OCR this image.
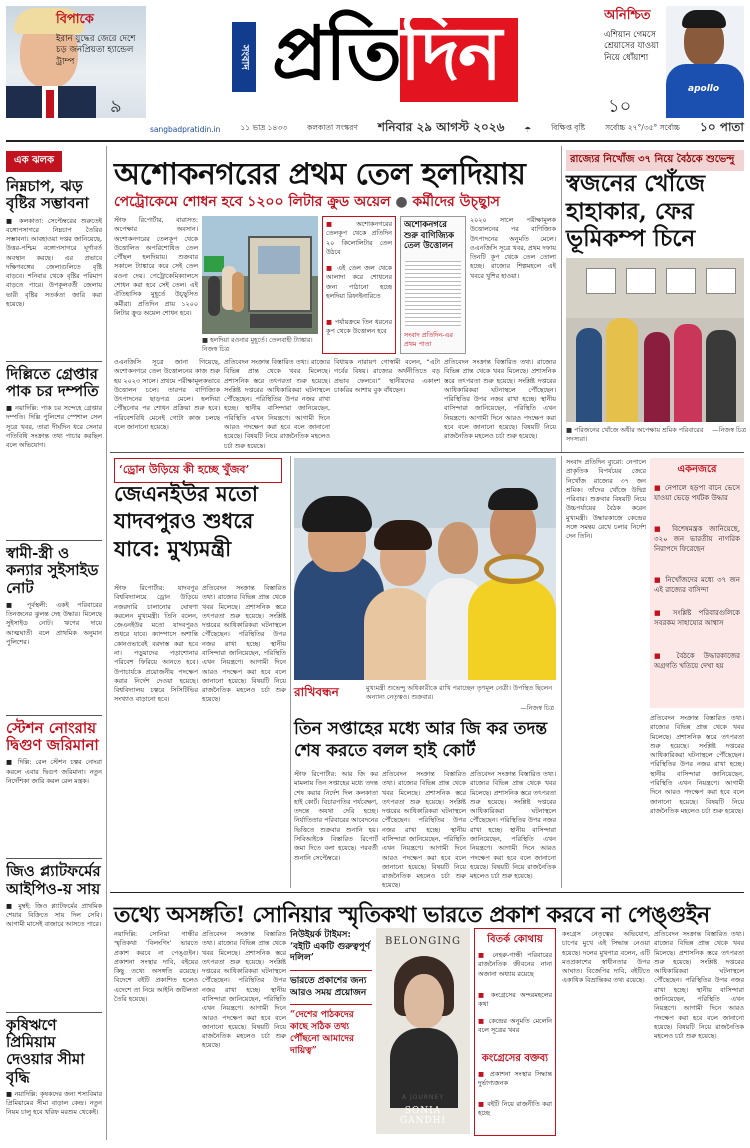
বিপাকে
ইরান যুদ্ধের জেরে দেশে চড় জনপ্রিয়তা হ্যান্ডেল ট্রাম্প
৯
সংবাদ প্রতিদিন	অনিশ্চিত
এশিয়ান গেমসে শ্রেয়াসের যাওয়া নিয়ে ধোঁয়াশা
১০
apollo
sangbadpratidin.in	১১ ভাদ্র ১৪৩৩	কলকাতা সংস্করণ শনিবার ২৯ আগস্ট ২০২৬	☂	বিক্ষিপ্ত বৃষ্টি	সর্বোচ্চ ২৭°/৩৫° সর্বোচ্চ ১০ পাতা
এক ঝলক
নিম্নচাপ, ঝড় বৃষ্টির সম্ভাবনা
■ কলকাতা: সেপ্টেম্বরের শুরুতেই বঙ্গোপসাগরে নিম্নচাপ তৈরির সম্ভাবনা। আবহাওয়া দপ্তর জানিয়েছে, উত্তর-পশ্চিম বঙ্গোপসাগরে ঘূর্ণাবর্ত অবস্থান করছে। এর প্রভাবে দক্ষিণবঙ্গের জেলাগুলিতে বৃষ্টি বাড়বে। শনিবার থেকে বৃষ্টির পরিমাণ বাড়তে পারে। উপকূলবর্তী জেলায় ভারী বৃষ্টির সতর্কতা জারি করা হয়েছে।
দিল্লিতে গ্রেপ্তার পাক চর দম্পতি
■ নয়াদিল্লি: পাক চর সন্দেহে গ্রেপ্তার দম্পতি। দিল্লি পুলিশের স্পেশাল সেল সূত্রে খবর, তারা দীর্ঘদিন ধরে সেনার গতিবিধি সংক্রান্ত তথ্য পাচার করছিল বলে অভিযোগ।
স্বামী-স্ত্রী ও কন্যার সুইসাইড নোট
■ পূর্বস্থলী: একই পরিবারের তিনজনের ঝুলন্ত দেহ উদ্ধার। মিলেছে সুইসাইড নোট। ঋণের দায়ে আত্মঘাতী বলে প্রাথমিক অনুমান পুলিশের।
স্টেশন নোংরায় দ্বিগুণ জরিমানা
■ দিল্লি: রেল স্টেশন চত্বর নোংরা করলে এবার দ্বিগুণ জরিমানা। নতুন নির্দেশিকা জারি করল রেল মন্ত্রক।
জিও প্ল্যাটফর্মের আইপিও-য় সায়
■ মুম্বই: জিও প্ল্যাটফর্মের প্রাথমিক শেয়ার বিক্রিতে সায় দিল সেবি। আগামী মাসেই বাজারে আসতে পারে।
কৃষিঋণে প্রিমিয়াম দেওয়ার সীমা বৃদ্ধি
■ নয়াদিল্লি: কৃষকদের জন্য শস্যবিমার প্রিমিয়ামের সীমা বাড়াল কেন্দ্র। নতুন নিয়ম চালু হবে খরিফ মরশুম থেকেই।
অশোকনগরের প্রথম তেল হলদিয়ায়
পেট্রোকেমে শোধন হবে ১২০০ লিটার ক্রুড অয়েল ● কর্মীদের উচ্ছ্বাস
স্টাফ রিপোর্টার, বারাসত: অপেক্ষার অবসান। অশোকনগরের তেলকূপ থেকে উত্তোলিত অপরিশোধিত তেল পৌঁছল হলদিয়ায়। শুক্রবার সকালে ট্যাঙ্কারে করে সেই তেল রওনা দেয়। পেট্রোকেমিক্যালসে শোধন করা হবে সেই তেল। এই ঐতিহাসিক মুহূর্তে উচ্ছ্বসিত কর্মীরা। প্রতিদিন প্রায় ১২০০ লিটার ক্রুড অয়েল শোধন হবে।
■ হলদিয়া রওনার মুহূর্তে। তেলবাহী ট্যাঙ্কার। নিজস্ব চিত্র
■ অশোকনগরের তেলকূপ থেকে প্রতিদিন ২০ কিলোলিটার তেল উঠবে
■ এই তেল জল থেকে আলাদা করে শোধনের জন্য পাঠানো হচ্ছে হলদিয়া রিফাইনারিতে
■ পর্যায়ক্রমে তিন ধরনের কূপ থেকে উত্তোলন হবে
অশোকনগরে শুরু বাণিজ্যিক তেল উত্তোলন
সংবাদ প্রতিদিন-এর প্রথম পাতা
২০২০ সালে পরীক্ষামূলক উত্তোলনের পর বাণিজ্যিক উৎপাদনের অনুমতি মেলে। ওএনজিসি সূত্রে খবর, প্রথম দফায় তিনটি কূপ থেকে তেল তোলা হচ্ছে। রাজ্যের শিল্পমহলে এই খবরে খুশির হাওয়া।
ওএনজিসি সূত্রে জানা গিয়েছে, অশোকনগরে তেল উত্তোলনের কাজ শুরু হয় ২০২৩ সালে। প্রথমে পরীক্ষামূলকভাবে উত্তোলন চলে। তারপর বাণিজ্যিক উৎপাদনের ছাড়পত্র মেলে। হলদিয়া পৌঁছনোর পর শোধন প্রক্রিয়া শুরু হবে। পরিবেশবিধি মেনেই গোটা কাজ চলছে বলে জানানো হয়েছে।
প্রতিবেদন সংক্রান্ত বিস্তারিত তথ্য। রাজ্যের বিভিন্ন প্রান্ত থেকে খবর মিলেছে। প্রশাসনিক স্তরে তৎপরতা শুরু হয়েছে। সংশ্লিষ্ট দপ্তরের আধিকারিকরা ঘটনাস্থলে পৌঁছেছেন। পরিস্থিতির উপর নজর রাখা হচ্ছে। স্থানীয় বাসিন্দারা জানিয়েছেন, পরিস্থিতি এখন নিয়ন্ত্রণে। আগামী দিনে আরও পদক্ষেপ করা হবে বলে জানানো হয়েছে। বিষয়টি নিয়ে রাজনৈতিক মহলেও চর্চা শুরু হয়েছে।
বিধায়ক নারায়ণ গোস্বামী বলেন, “এটা গর্বের বিষয়। রাজ্যের অর্থনীতিতে বড় প্রভাব ফেলবে।” স্থানীয়দের একাংশ চাকরির আশায় বুক বাঁধছেন।
প্রতিবেদন সংক্রান্ত বিস্তারিত তথ্য। রাজ্যের বিভিন্ন প্রান্ত থেকে খবর মিলেছে। প্রশাসনিক স্তরে তৎপরতা শুরু হয়েছে। সংশ্লিষ্ট দপ্তরের আধিকারিকরা ঘটনাস্থলে পৌঁছেছেন। পরিস্থিতির উপর নজর রাখা হচ্ছে। স্থানীয় বাসিন্দারা জানিয়েছেন, পরিস্থিতি এখন নিয়ন্ত্রণে। আগামী দিনে আরও পদক্ষেপ করা হবে বলে জানানো হয়েছে। বিষয়টি নিয়ে রাজনৈতিক মহলেও চর্চা শুরু হয়েছে।
রাজ্যের নিখোঁজ ৩৭ নিয়ে বৈঠকে শুভেন্দু
স্বজনের খোঁজে হাহাকার, ফের ভূমিকম্প চিনে
■ পরিজনের খোঁজে অধীর অপেক্ষায় শ্রমিক পরিবারের সদস্যরা।
—নিজস্ব চিত্র
‘ড্রোন উড়িয়ে কী হচ্ছে খুঁজব’
জেএনইউর মতো যাদবপুরও শুধরে যাবে: মুখ্যমন্ত্রী
স্টাফ রিপোর্টার: যাদবপুর বিশ্ববিদ্যালয়ে ড্রোন উড়িয়ে নজরদারি চালানোর ঘোষণা করলেন মুখ্যমন্ত্রী। তিনি বলেন, জেএনইউর মতো যাদবপুরও শুধরে যাবে। ক্যাম্পাসে অশান্তি কোনওভাবেই বরদাস্ত করা হবে না। পড়ুয়াদের পড়াশোনার পরিবেশ ফিরিয়ে আনতে হবে। উপাচার্যকে প্রয়োজনীয় পদক্ষেপ করার নির্দেশ দেওয়া হয়েছে। বিশ্ববিদ্যালয় চত্বরে সিসিটিভির সংখ্যাও বাড়ানো হবে।
প্রতিবেদন সংক্রান্ত বিস্তারিত তথ্য। রাজ্যের বিভিন্ন প্রান্ত থেকে খবর মিলেছে। প্রশাসনিক স্তরে তৎপরতা শুরু হয়েছে। সংশ্লিষ্ট দপ্তরের আধিকারিকরা ঘটনাস্থলে পৌঁছেছেন। পরিস্থিতির উপর নজর রাখা হচ্ছে। স্থানীয় বাসিন্দারা জানিয়েছেন, পরিস্থিতি এখন নিয়ন্ত্রণে। আগামী দিনে আরও পদক্ষেপ করা হবে বলে জানানো হয়েছে। বিষয়টি নিয়ে রাজনৈতিক মহলেও চর্চা শুরু হয়েছে।
রাখিবন্ধন	মুখ্যমন্ত্রী শুভেন্দু অধিকারীকে রাখি পরাচ্ছেন তৃণমূল নেত্রী। উপস্থিত ছিলেন অন্যান্য নেতৃত্বও। শুক্রবার।
—নিজস্ব চিত্র
তিন সপ্তাহের মধ্যে আর জি কর তদন্ত শেষ করতে বলল হাই কোর্ট
স্টাফ রিপোর্টার: আর জি কর মামলায় তিন সপ্তাহের মধ্যে তদন্ত শেষ করার নির্দেশ দিল কলকাতা হাই কোর্ট। বিচারপতির পর্যবেক্ষণ, তদন্তে অযথা দেরি হচ্ছে। নির্যাতিতার পরিবারের আবেদনের ভিত্তিতে শুক্রবার শুনানি হয়। সিবিআইকে বিস্তারিত রিপোর্ট জমা দিতে বলা হয়েছে। পরবর্তী শুনানি সেপ্টেম্বরে।
প্রতিবেদন সংক্রান্ত বিস্তারিত তথ্য। রাজ্যের বিভিন্ন প্রান্ত থেকে খবর মিলেছে। প্রশাসনিক স্তরে তৎপরতা শুরু হয়েছে। সংশ্লিষ্ট দপ্তরের আধিকারিকরা ঘটনাস্থলে পৌঁছেছেন। পরিস্থিতির উপর নজর রাখা হচ্ছে। স্থানীয় বাসিন্দারা জানিয়েছেন, পরিস্থিতি এখন নিয়ন্ত্রণে। আগামী দিনে আরও পদক্ষেপ করা হবে বলে জানানো হয়েছে। বিষয়টি নিয়ে রাজনৈতিক মহলেও চর্চা শুরু হয়েছে।
প্রতিবেদন সংক্রান্ত বিস্তারিত তথ্য। রাজ্যের বিভিন্ন প্রান্ত থেকে খবর মিলেছে। প্রশাসনিক স্তরে তৎপরতা শুরু হয়েছে। সংশ্লিষ্ট দপ্তরের আধিকারিকরা ঘটনাস্থলে পৌঁছেছেন। পরিস্থিতির উপর নজর রাখা হচ্ছে। স্থানীয় বাসিন্দারা জানিয়েছেন, পরিস্থিতি এখন নিয়ন্ত্রণে। আগামী দিনে আরও পদক্ষেপ করা হবে বলে জানানো হয়েছে। বিষয়টি নিয়ে রাজনৈতিক মহলেও চর্চা শুরু হয়েছে।
সংবাদ প্রতিদিন ব্যুরো: নেপালে প্রাকৃতিক বিপর্যয়ের জেরে নিখোঁজ রাজ্যের ৩৭ জন শ্রমিক। তাঁদের খোঁজে উদ্বিগ্ন পরিবার। শুক্রবার বিষয়টি নিয়ে উচ্চপর্যায়ের বৈঠক করেন মুখ্যমন্ত্রী। উদ্ধারকাজে কেন্দ্রের সঙ্গে সমন্বয় রেখে চলার নির্দেশ দেন তিনি।
একনজরে
■ নেপালে হড়পা বানে ভেসে যাওয়া ভেড়ে পর্যটক উদ্ধার
■ বিশেষমন্ত্রক জানিয়েছে, ৩২০ জন ভারতীয় নাগরিক নিরাপদে ফিরেছেন
■ নিখোঁজদের মধ্যে ৩৭ জন এই রাজ্যের বাসিন্দা
■ সংশ্লিষ্ট পরিবারগুলিকে সবরকম সাহায্যের আশ্বাস
■ বৈঠকে উদ্ধারকাজের অগ্রগতি খতিয়ে দেখা হয়
প্রতিবেদন সংক্রান্ত বিস্তারিত তথ্য। রাজ্যের বিভিন্ন প্রান্ত থেকে খবর মিলেছে। প্রশাসনিক স্তরে তৎপরতা শুরু হয়েছে। সংশ্লিষ্ট দপ্তরের আধিকারিকরা ঘটনাস্থলে পৌঁছেছেন। পরিস্থিতির উপর নজর রাখা হচ্ছে। স্থানীয় বাসিন্দারা জানিয়েছেন, পরিস্থিতি এখন নিয়ন্ত্রণে। আগামী দিনে আরও পদক্ষেপ করা হবে বলে জানানো হয়েছে। বিষয়টি নিয়ে রাজনৈতিক মহলেও চর্চা শুরু হয়েছে।
তথ্যে অসঙ্গতি! সোনিয়ার স্মৃতিকথা ভারতে প্রকাশ করবে না পেঙ্গুইন
নয়াদিল্লি: সোনিয়া গান্ধীর স্মৃতিকথা ‘বিলংগিং’ ভারতে প্রকাশ করবে না পেঙ্গুইন। প্রকাশনা সংস্থার দাবি, বইয়ের কিছু তথ্যে অসঙ্গতি রয়েছে। বিদেশে বইটি প্রকাশিত হলেও এদেশে তা নিয়ে আইনি জটিলতা তৈরি হয়েছে।
প্রতিবেদন সংক্রান্ত বিস্তারিত তথ্য। রাজ্যের বিভিন্ন প্রান্ত থেকে খবর মিলেছে। প্রশাসনিক স্তরে তৎপরতা শুরু হয়েছে। সংশ্লিষ্ট দপ্তরের আধিকারিকরা ঘটনাস্থলে পৌঁছেছেন। পরিস্থিতির উপর নজর রাখা হচ্ছে। স্থানীয় বাসিন্দারা জানিয়েছেন, পরিস্থিতি এখন নিয়ন্ত্রণে। আগামী দিনে আরও পদক্ষেপ করা হবে বলে জানানো হয়েছে। বিষয়টি নিয়ে রাজনৈতিক মহলেও চর্চা শুরু হয়েছে।
নিউইয়র্ক টাইমস: ‘বইটি একটি গুরুত্বপূর্ণ দলিল’
ভারতে প্রকাশের জন্য আরও সময় প্রয়োজন
“দেশের পাঠকদের কাছে সঠিক তথ্য পৌঁছনো আমাদের দায়িত্ব”
BELONGING
A JOURNEY
SONIA GANDHI
বিতর্ক কোথায়
■ নেহরু-গান্ধী পরিবারের রাজনৈতিক জীবনের নানা অজানা অধ্যায় রয়েছে
■ কংগ্রেসের অন্দরমহলের কথা
■ কেন্দ্রের অনুমতি মেলেনি বলে সূত্রের খবর
কংগ্রেসের বক্তব্য
■ প্রকাশনা সংস্থার সিদ্ধান্ত দুর্ভাগ্যজনক
■ বইটি নিয়ে রাজনীতি করা হচ্ছে
কংগ্রেস নেতৃত্বের অভিযোগ, চাপের মুখে এই সিদ্ধান্ত নেওয়া হয়েছে। দলের মুখপাত্র বলেন, এটি মতপ্রকাশের স্বাধীনতার উপর আঘাত। বিজেপির দাবি, বইটিতে একাধিক বিভ্রান্তিকর তথ্য রয়েছে।
প্রতিবেদন সংক্রান্ত বিস্তারিত তথ্য। রাজ্যের বিভিন্ন প্রান্ত থেকে খবর মিলেছে। প্রশাসনিক স্তরে তৎপরতা শুরু হয়েছে। সংশ্লিষ্ট দপ্তরের আধিকারিকরা ঘটনাস্থলে পৌঁছেছেন। পরিস্থিতির উপর নজর রাখা হচ্ছে। স্থানীয় বাসিন্দারা জানিয়েছেন, পরিস্থিতি এখন নিয়ন্ত্রণে। আগামী দিনে আরও পদক্ষেপ করা হবে বলে জানানো হয়েছে। বিষয়টি নিয়ে রাজনৈতিক মহলেও চর্চা শুরু হয়েছে।
